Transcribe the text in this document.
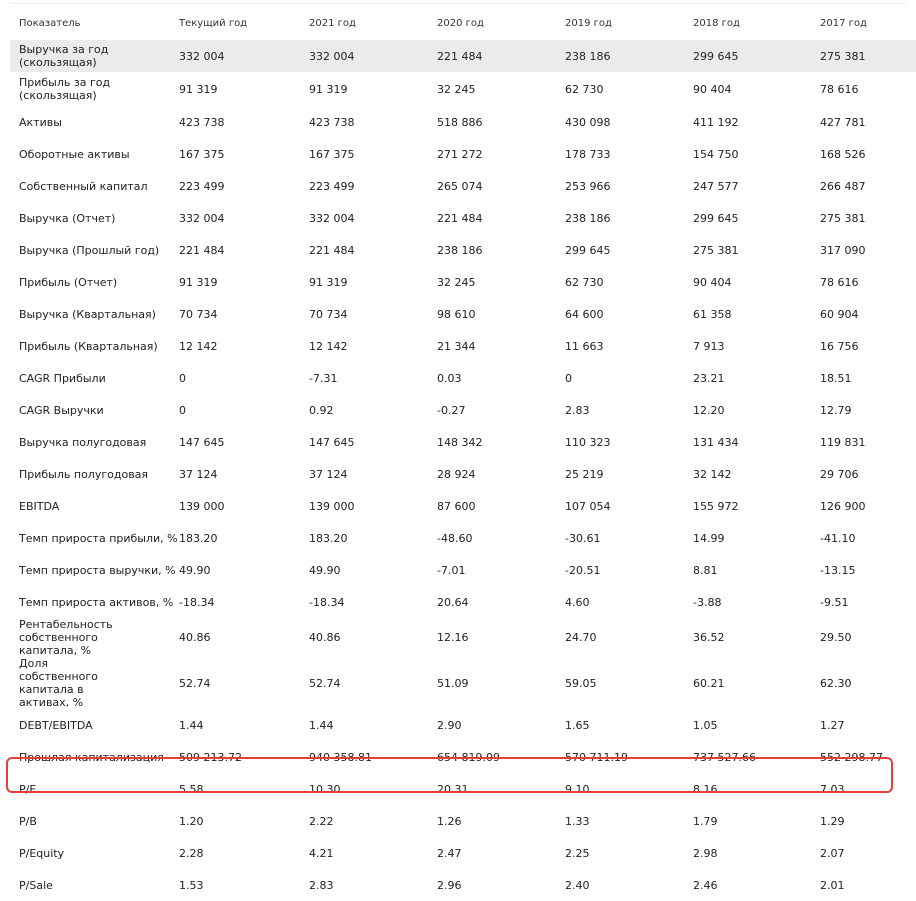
Показатель	Текущий год	2021 год	2020 год	2019 год	2018 год	2017 год
Выручка за год (скользящая)	332 004	332 004	221 484	238 186	299 645	275 381
Прибыль за год (скользящая)	91 319	91 319	32 245	62 730	90 404	78 616
Активы	423 738	423 738	518 886	430 098	411 192	427 781
Оборотные активы	167 375	167 375	271 272	178 733	154 750	168 526
Собственный капитал	223 499	223 499	265 074	253 966	247 577	266 487
Выручка (Отчет)	332 004	332 004	221 484	238 186	299 645	275 381
Выручка (Прошлый год)	221 484	221 484	238 186	299 645	275 381	317 090
Прибыль (Отчет)	91 319	91 319	32 245	62 730	90 404	78 616
Выручка (Квартальная)	70 734	70 734	98 610	64 600	61 358	60 904
Прибыль (Квартальная)	12 142	12 142	21 344	11 663	7 913	16 756
CAGR Прибыли	0	-7.31	0.03	0	23.21	18.51
CAGR Выручки	0	0.92	-0.27	2.83	12.20	12.79
Выручка полугодовая	147 645	147 645	148 342	110 323	131 434	119 831
Прибыль полугодовая	37 124	37 124	28 924	25 219	32 142	29 706
EBITDA	139 000	139 000	87 600	107 054	155 972	126 900
Темп прироста прибыли, %	183.20	183.20	-48.60	-30.61	14.99	-41.10
Темп прироста выручки, %	49.90	49.90	-7.01	-20.51	8.81	-13.15
Темп прироста активов, %	-18.34	-18.34	20.64	4.60	-3.88	-9.51
Рентабельность собственного капитала, %	40.86	40.86	12.16	24.70	36.52	29.50
Доля собственного капитала в активах, %	52.74	52.74	51.09	59.05	60.21	62.30
DEBT/EBITDA	1.44	1.44	2.90	1.65	1.05	1.27
Прошлая капитализация	509 213.72	940 358.81	654 819.09	570 711.19	737 527.66	552 298.77
P/E	5.58	10.30	20.31	9.10	8.16	7.03
P/B	1.20	2.22	1.26	1.33	1.79	1.29
P/Equity	2.28	4.21	2.47	2.25	2.98	2.07
P/Sale	1.53	2.83	2.96	2.40	2.46	2.01
